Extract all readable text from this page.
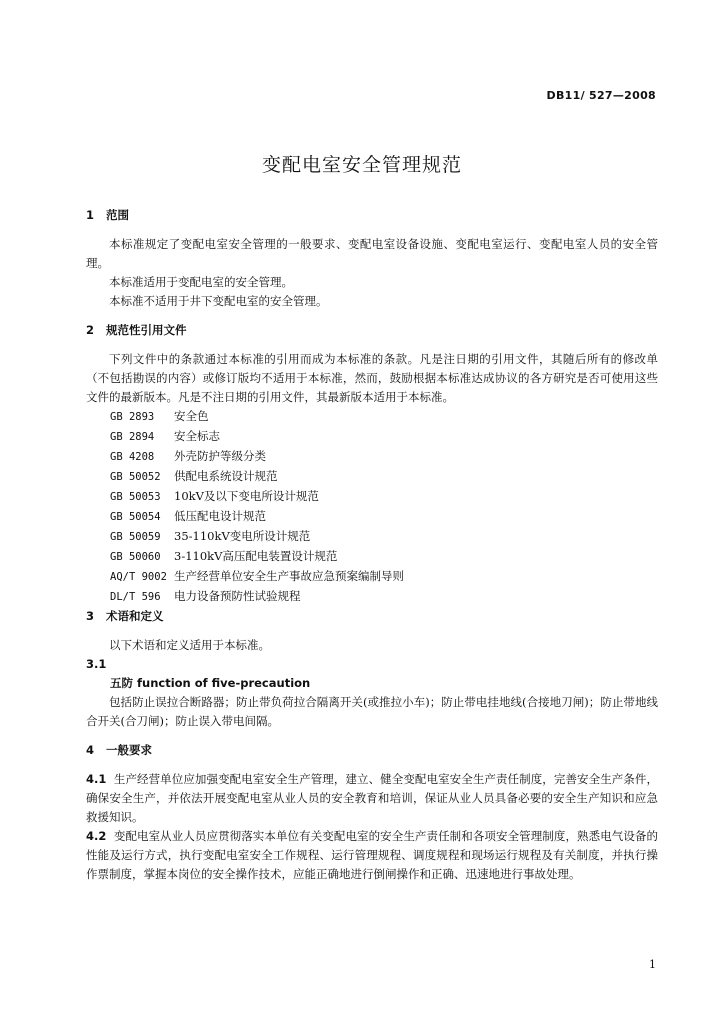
DB11/ 527—2008
变配电室安全管理规范
1 范围

本标准规定了变配电室安全管理的一般要求、变配电室设备设施、变配电室运行、变配电室人员的安全管理。

本标准适用于变配电室的安全管理。

本标准不适用于井下变配电室的安全管理。

2 规范性引用文件

下列文件中的条款通过本标准的引用而成为本标准的条款。凡是注日期的引用文件，其随后所有的修改单（不包括勘误的内容）或修订版均不适用于本标准，然而，鼓励根据本标准达成协议的各方研究是否可使用这些文件的最新版本。凡是不注日期的引用文件，其最新版本适用于本标准。

GB 2893 安全色
GB 2894 安全标志
GB 4208 外壳防护等级分类
GB 50052 供配电系统设计规范
GB 50053 10kV及以下变电所设计规范
GB 50054 低压配电设计规范
GB 50059 35-110kV变电所设计规范
GB 50060 3-110kV高压配电装置设计规范
AQ/T 9002 生产经营单位安全生产事故应急预案编制导则
DL/T 596 电力设备预防性试验规程
3 术语和定义

以下术语和定义适用于本标准。

3.1

五防 function of five-precaution

包括防止误拉合断路器；防止带负荷拉合隔离开关(或推拉小车)；防止带电挂地线(合接地刀闸)；防止带地线合开关(合刀闸)；防止误入带电间隔。

4 一般要求

4.1 生产经营单位应加强变配电室安全生产管理，建立、健全变配电室安全生产责任制度，完善安全生产条件，确保安全生产，并依法开展变配电室从业人员的安全教育和培训，保证从业人员具备必要的安全生产知识和应急救援知识。

4.2 变配电室从业人员应贯彻落实本单位有关变配电室的安全生产责任制和各项安全管理制度，熟悉电气设备的性能及运行方式，执行变配电室安全工作规程、运行管理规程、调度规程和现场运行规程及有关制度，并执行操作票制度，掌握本岗位的安全操作技术，应能正确地进行倒闸操作和正确、迅速地进行事故处理。

1
